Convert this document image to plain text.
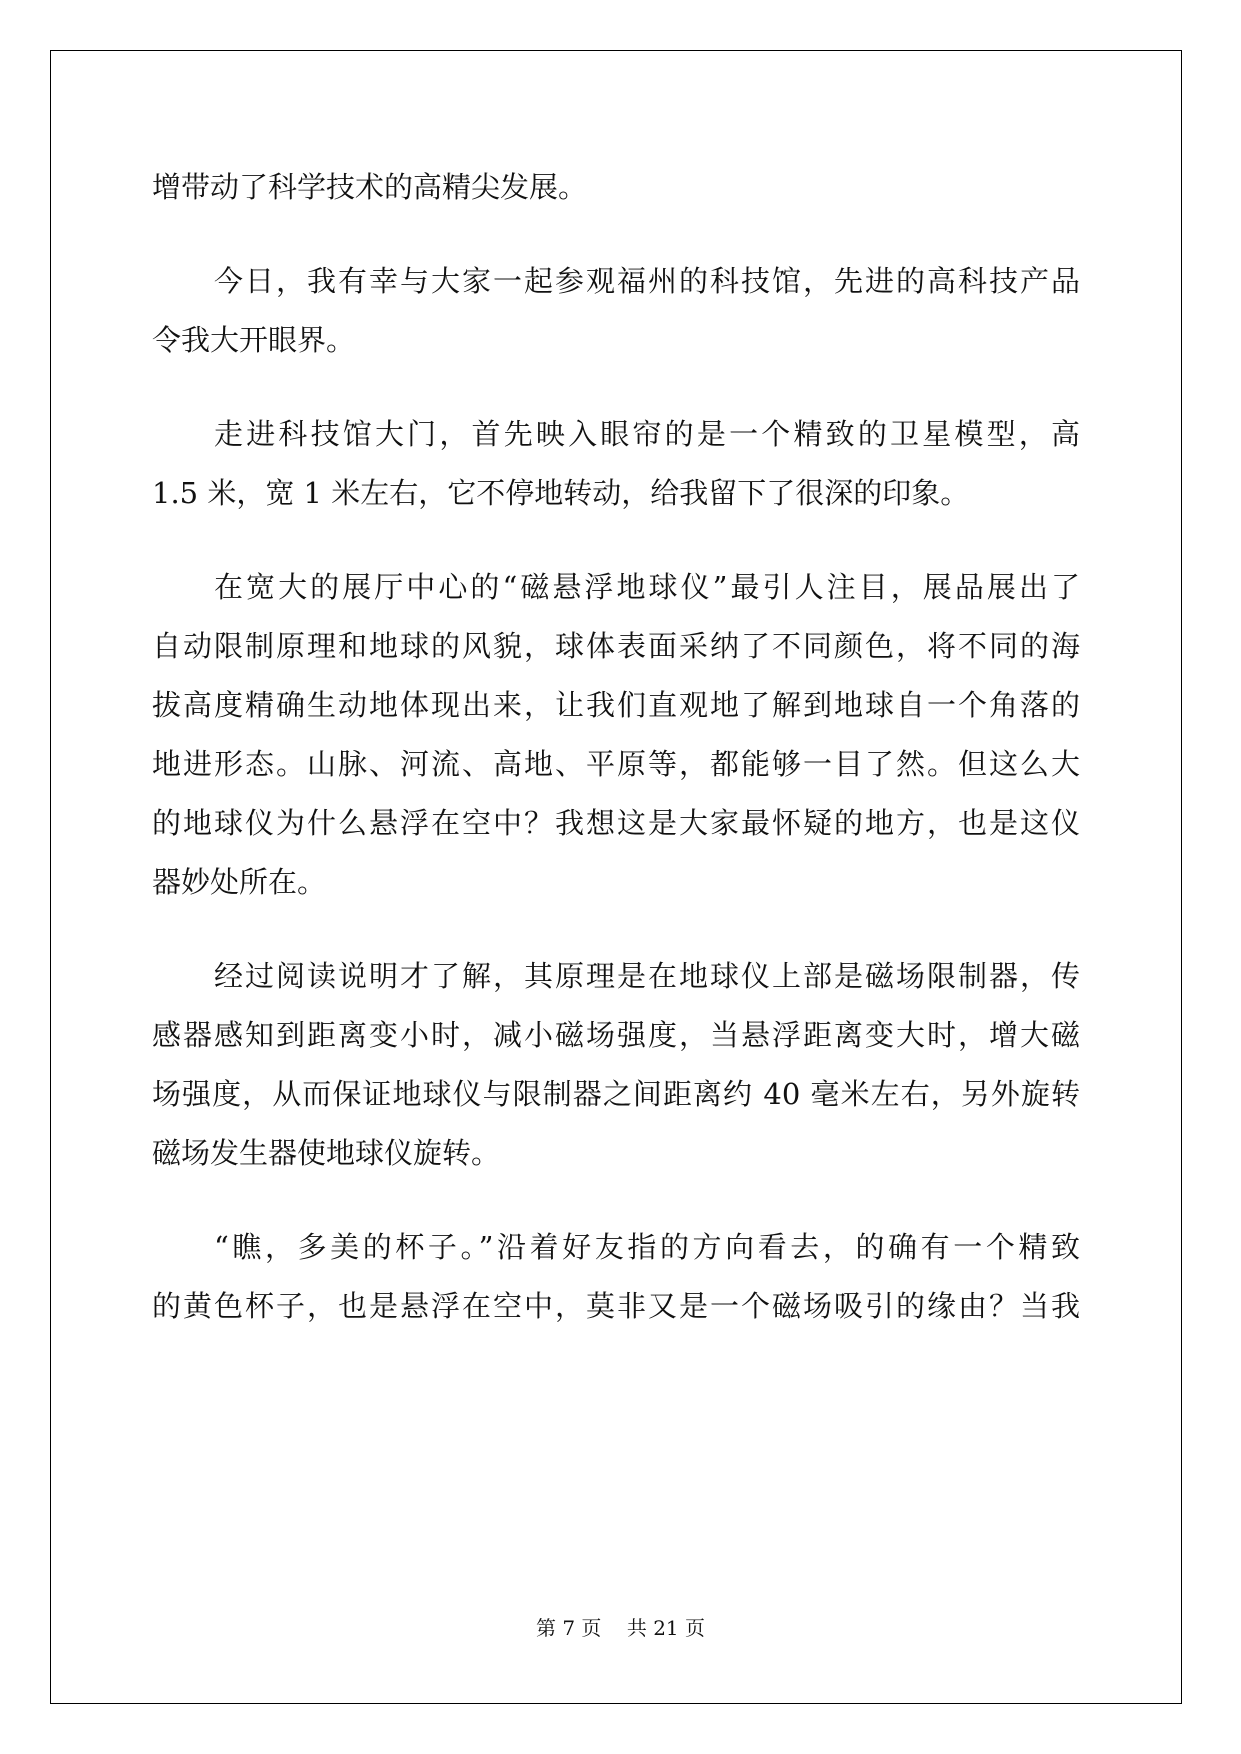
增带动了科学技术的高精尖发展。
今日，我有幸与大家一起参观福州的科技馆，先进的高科技产品
令我大开眼界。
走进科技馆大门，首先映入眼帘的是一个精致的卫星模型，高
1.5 米，宽 1 米左右，它不停地转动，给我留下了很深的印象。
在宽大的展厅中心的“磁悬浮地球仪”最引人注目，展品展出了
自动限制原理和地球的风貌，球体表面采纳了不同颜色，将不同的海
拔高度精确生动地体现出来，让我们直观地了解到地球自一个角落的
地进形态。山脉、河流、高地、平原等，都能够一目了然。但这么大
的地球仪为什么悬浮在空中？我想这是大家最怀疑的地方，也是这仪
器妙处所在。
经过阅读说明才了解，其原理是在地球仪上部是磁场限制器，传
感器感知到距离变小时，减小磁场强度，当悬浮距离变大时，增大磁
场强度，从而保证地球仪与限制器之间距离约 40 毫米左右，另外旋转
磁场发生器使地球仪旋转。
“瞧，多美的杯子。”沿着好友指的方向看去，的确有一个精致
的黄色杯子，也是悬浮在空中，莫非又是一个磁场吸引的缘由？当我
第 7 页    共 21 页
